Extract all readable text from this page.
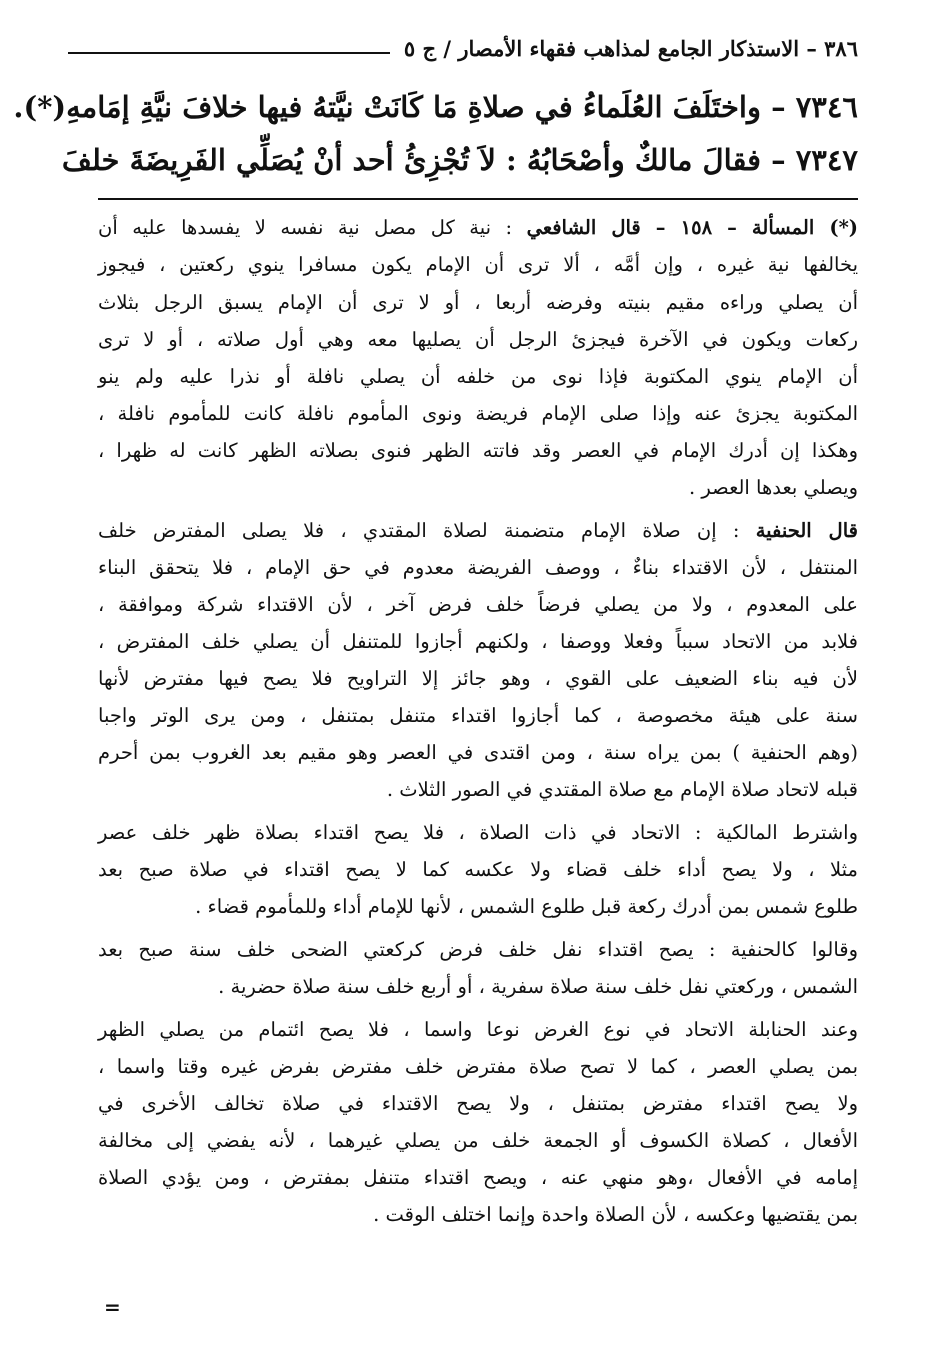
٣٨٦ – الاستذكار الجامع لمذاهب فقهاء الأمصار / ج ٥
٧٣٤٦ – واختَلَفَ العُلَماءُ في صلاةِ مَا كَانَتْ نيَّتهُ فيها خلافَ نيَّةِ إمَامهِ(*).
٧٣٤٧ – فقالَ مالكٌ وأصْحَابُهُ : لاَ تُجْزِئُ أحد أنْ يُصَلِّي الفَرِيضَةَ خلفَ
(*) المسألة – ١٥٨ – قال الشافعي : نية كل مصل نية نفسه لا يفسدها عليه أن
يخالفها نية غيره ، وإن أمَّه ، ألا ترى أن الإمام يكون مسافرا ينوي ركعتين ، فيجوز
أن يصلي وراءه مقيم بنيته وفرضه أربعا ، أو لا ترى أن الإمام يسبق الرجل بثلاث
ركعات ويكون في الآخرة فيجزئ الرجل أن يصليها معه وهي أول صلاته ، أو لا ترى
أن الإمام ينوي المكتوبة فإذا نوى من خلفه أن يصلي نافلة أو نذرا عليه ولم ينو
المكتوبة يجزئ عنه وإذا صلى الإمام فريضة ونوى المأموم نافلة كانت للمأموم نافلة ،
وهكذا إن أدرك الإمام في العصر وقد فاتته الظهر فنوى بصلاته الظهر كانت له ظهرا ،
ويصلي بعدها العصر .
قال الحنفية : إن صلاة الإمام متضمنة لصلاة المقتدي ، فلا يصلى المفترض خلف
المنتفل ، لأن الاقتداء بناءٌ ، ووصف الفريضة معدوم في حق الإمام ، فلا يتحقق البناء
على المعدوم ، ولا من يصلي فرضاً خلف فرض آخر ، لأن الاقتداء شركة وموافقة ،
فلابد من الاتحاد سبباً وفعلا ووصفا ، ولكنهم أجازوا للمتنفل أن يصلي خلف المفترض ،
لأن فيه بناء الضعيف على القوي ، وهو جائز إلا التراويح فلا يصح فيها مفترض لأنها
سنة على هيئة مخصوصة ، كما أجازوا اقتداء متنفل بمتنفل ، ومن يرى الوتر واجبا
(وهم الحنفية ) بمن يراه سنة ، ومن اقتدى في العصر وهو مقيم بعد الغروب بمن أحرم
قبله لاتحاد صلاة الإمام مع صلاة المقتدي في الصور الثلاث .
واشترط المالكية : الاتحاد في ذات الصلاة ، فلا يصح اقتداء بصلاة ظهر خلف عصر
مثلا ، ولا يصح أداء خلف قضاء ولا عكسه كما لا يصح اقتداء في صلاة صبح بعد
طلوع شمس بمن أدرك ركعة قبل طلوع الشمس ، لأنها للإمام أداء وللمأموم قضاء .
وقالوا كالحنفية : يصح اقتداء نفل خلف فرض كركعتي الضحى خلف سنة صبح بعد
الشمس ، وركعتي نفل خلف سنة صلاة سفرية ، أو أربع خلف سنة صلاة حضرية .
وعند الحنابلة الاتحاد في نوع الغرض نوعا واسما ، فلا يصح ائتمام من يصلي الظهر
بمن يصلي العصر ، كما لا تصح صلاة مفترض خلف مفترض بفرض غيره وقتا واسما ،
ولا يصح اقتداء مفترض بمتنفل ، ولا يصح الاقتداء في صلاة تخالف الأخرى في
الأفعال ، كصلاة الكسوف أو الجمعة خلف من يصلي غيرهما ، لأنه يفضي إلى مخالفة
إمامه في الأفعال ،وهو منهي عنه ، ويصح اقتداء متنفل بمفترض ، ومن يؤدي الصلاة
بمن يقتضيها وعكسه ، لأن الصلاة واحدة وإنما اختلف الوقت .
=
